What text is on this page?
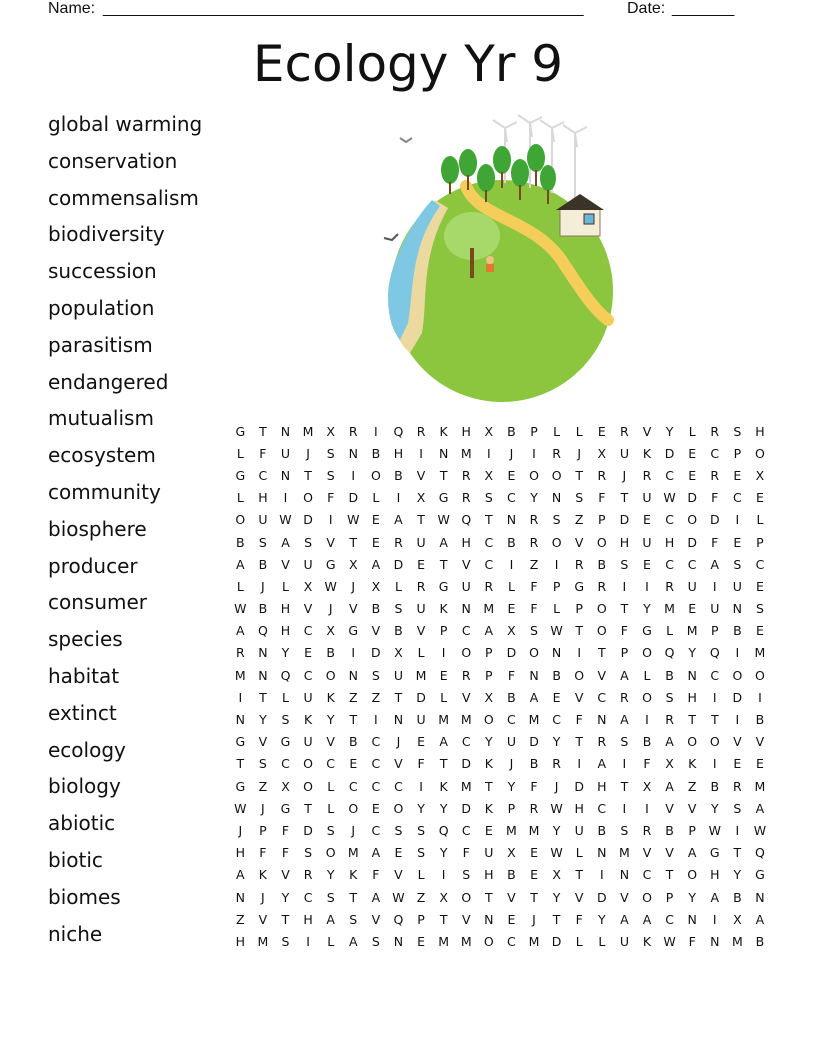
Name: ______________________________________________________	Date: _______
Ecology Yr 9
global warming
conservation
commensalism
biodiversity
succession
population
parasitism
endangered
mutualism
ecosystem
community
biosphere
producer
consumer
species
habitat
extinct
ecology
biology
abiotic
biotic
biomes
niche
G	T	N	M	X	R	I	Q	R	K	H	X	B	P	L	L	E	R	V	Y	L	R	S	H
L	F	U	J	S	N	B	H	I	N	M	I	J	I	R	J	X	U	K	D	E	C	P	O
G	C	N	T	S	I	O	B	V	T	R	X	E	O	O	T	R	J	R	C	E	R	E	X
L	H	I	O	F	D	L	I	X	G	R	S	C	Y	N	S	F	T	U	W	D	F	C	E
O	U	W	D	I	W	E	A	T	W	Q	T	N	R	S	Z	P	D	E	C	O	D	I	L
B	S	A	S	V	T	E	R	U	A	H	C	B	R	O	V	O	H	U	H	D	F	E	P
A	B	V	U	G	X	A	D	E	T	V	C	I	Z	I	R	B	S	E	C	C	A	S	C
L	J	L	X	W	J	X	L	R	G	U	R	L	F	P	G	R	I	I	R	U	I	U	E
W	B	H	V	J	V	B	S	U	K	N	M	E	F	L	P	O	T	Y	M	E	U	N	S
A	Q	H	C	X	G	V	B	V	P	C	A	X	S	W	T	O	F	G	L	M	P	B	E
R	N	Y	E	B	I	D	X	L	I	O	P	D	O	N	I	T	P	O	Q	Y	Q	I	M
M	N	Q	C	O	N	S	U	M	E	R	P	F	N	B	O	V	A	L	B	N	C	O	O
I	T	L	U	K	Z	Z	T	D	L	V	X	B	A	E	V	C	R	O	S	H	I	D	I
N	Y	S	K	Y	T	I	N	U	M	M	O	C	M	C	F	N	A	I	R	T	T	I	B
G	V	G	U	V	B	C	J	E	A	C	Y	U	D	Y	T	R	S	B	A	O	O	V	V
T	S	C	O	C	E	C	V	F	T	D	K	J	B	R	I	A	I	F	X	K	I	E	E
G	Z	X	O	L	C	C	C	I	K	M	T	Y	F	J	D	H	T	X	A	Z	B	R	M
W	J	G	T	L	O	E	O	Y	Y	D	K	P	R	W	H	C	I	I	V	V	Y	S	A
J	P	F	D	S	J	C	S	S	Q	C	E	M	M	Y	U	B	S	R	B	P	W	I	W
H	F	F	S	O	M	A	E	S	Y	F	U	X	E	W	L	N	M	V	V	A	G	T	Q
A	K	V	R	Y	K	F	V	L	I	S	H	B	E	X	T	I	N	C	T	O	H	Y	G
N	J	Y	C	S	T	A	W	Z	X	O	T	V	T	Y	V	D	V	O	P	Y	A	B	N
Z	V	T	H	A	S	V	Q	P	T	V	N	E	J	T	F	Y	A	A	C	N	I	X	A
H	M	S	I	L	A	S	N	E	M	M	O	C	M	D	L	L	U	K	W	F	N	M	B
